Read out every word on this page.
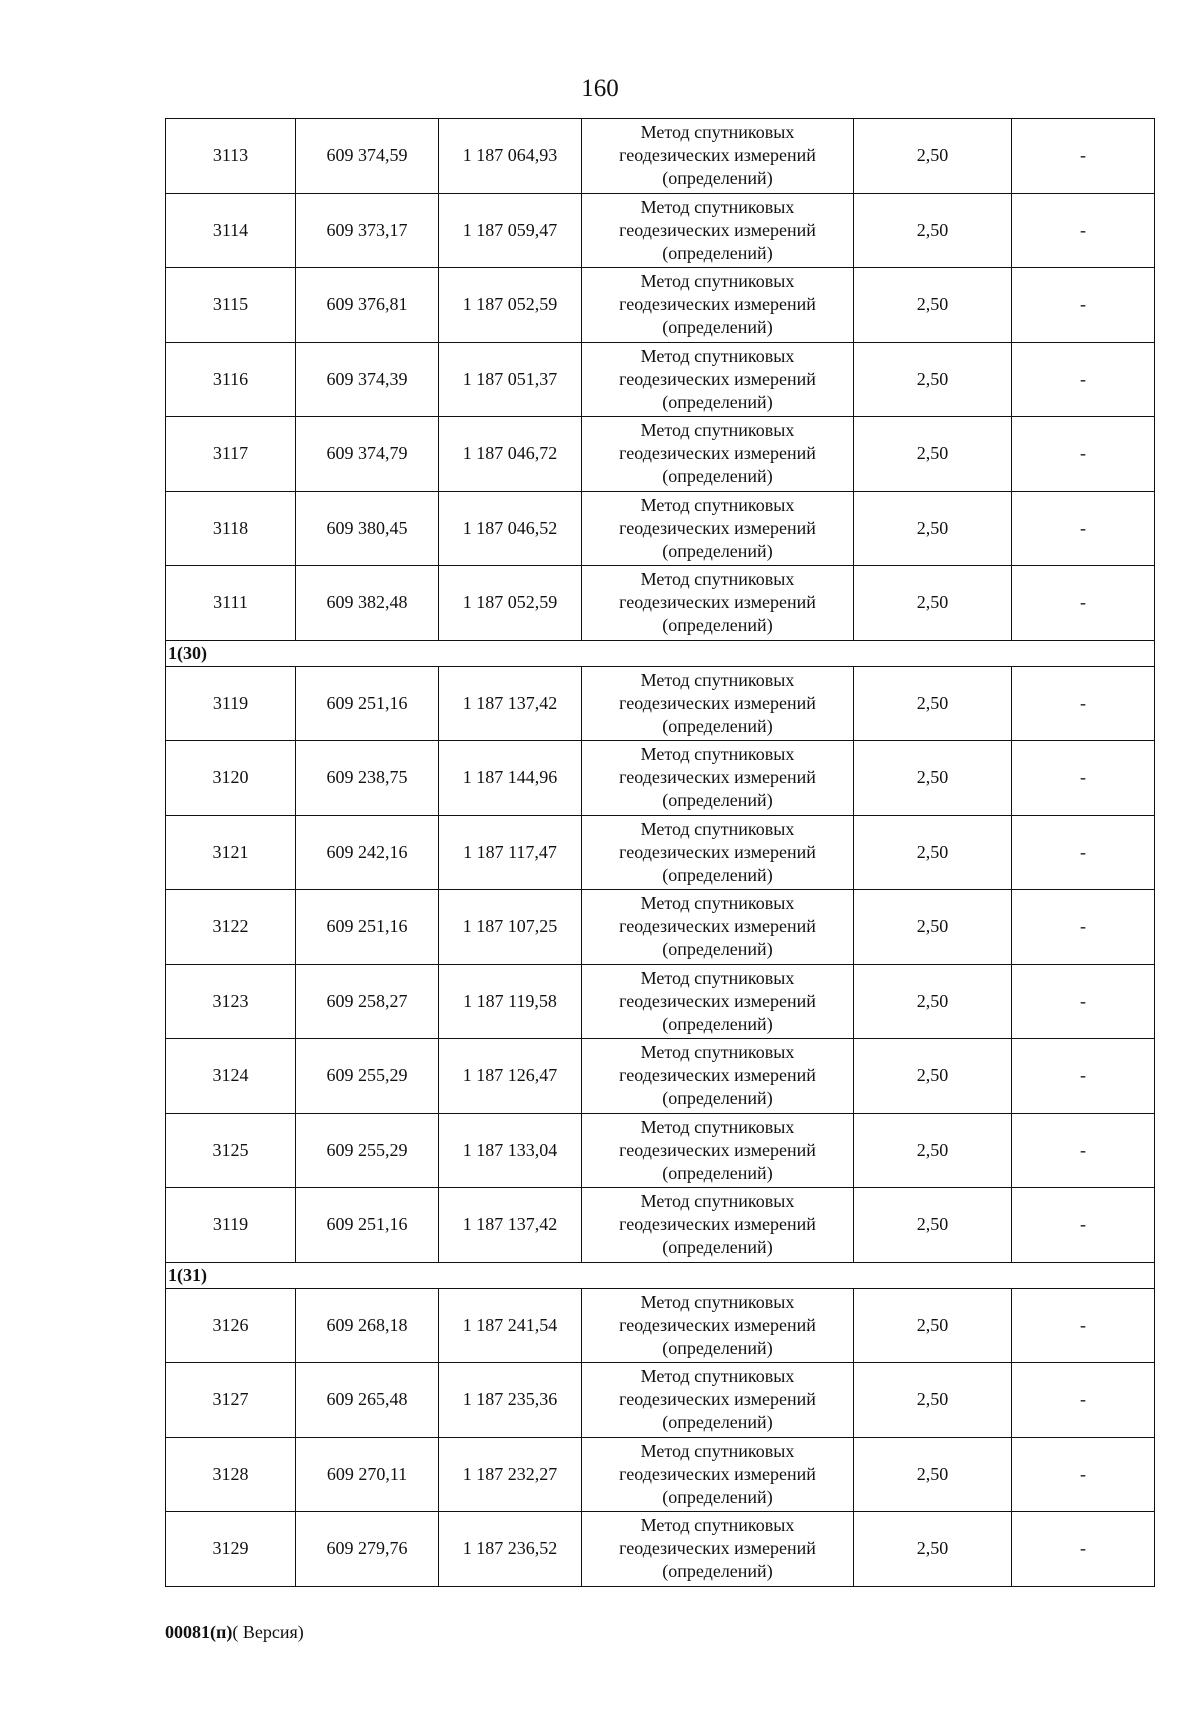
160
3113	609 374,59	1 187 064,93	Метод спутниковых
геодезических измерений
(определений)	2,50	-
3114	609 373,17	1 187 059,47	Метод спутниковых
геодезических измерений
(определений)	2,50	-
3115	609 376,81	1 187 052,59	Метод спутниковых
геодезических измерений
(определений)	2,50	-
3116	609 374,39	1 187 051,37	Метод спутниковых
геодезических измерений
(определений)	2,50	-
3117	609 374,79	1 187 046,72	Метод спутниковых
геодезических измерений
(определений)	2,50	-
3118	609 380,45	1 187 046,52	Метод спутниковых
геодезических измерений
(определений)	2,50	-
3111	609 382,48	1 187 052,59	Метод спутниковых
геодезических измерений
(определений)	2,50	-
1(30)					
3119	609 251,16	1 187 137,42	Метод спутниковых
геодезических измерений
(определений)	2,50	-
3120	609 238,75	1 187 144,96	Метод спутниковых
геодезических измерений
(определений)	2,50	-
3121	609 242,16	1 187 117,47	Метод спутниковых
геодезических измерений
(определений)	2,50	-
3122	609 251,16	1 187 107,25	Метод спутниковых
геодезических измерений
(определений)	2,50	-
3123	609 258,27	1 187 119,58	Метод спутниковых
геодезических измерений
(определений)	2,50	-
3124	609 255,29	1 187 126,47	Метод спутниковых
геодезических измерений
(определений)	2,50	-
3125	609 255,29	1 187 133,04	Метод спутниковых
геодезических измерений
(определений)	2,50	-
3119	609 251,16	1 187 137,42	Метод спутниковых
геодезических измерений
(определений)	2,50	-
1(31)					
3126	609 268,18	1 187 241,54	Метод спутниковых
геодезических измерений
(определений)	2,50	-
3127	609 265,48	1 187 235,36	Метод спутниковых
геодезических измерений
(определений)	2,50	-
3128	609 270,11	1 187 232,27	Метод спутниковых
геодезических измерений
(определений)	2,50	-
3129	609 279,76	1 187 236,52	Метод спутниковых
геодезических измерений
(определений)	2,50	-
00081(п)( Версия)
